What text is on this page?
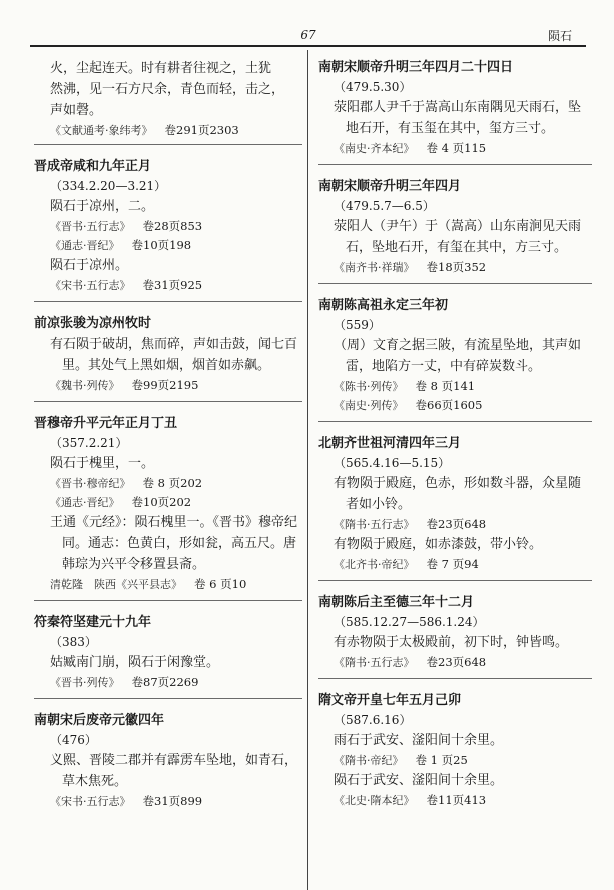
67	陨石
火，尘起连天。时有耕者往视之，土犹
然沸，见一石方尺余，青色而轻，击之，
声如磬。
《文献通考·象纬考》 卷291页2303
晋成帝咸和九年正月
（334.2.20—3.21）
陨石于凉州，二。
《晋书·五行志》 卷28页853
《通志·晋纪》 卷10页198
陨石于凉州。
《宋书·五行志》 卷31页925
前凉张骏为凉州牧时
有石陨于破胡，焦而碎，声如击鼓，闻七百里。其处气上黑如烟，烟首如赤飙。
《魏书·列传》 卷99页2195
晋穆帝升平元年正月丁丑
（357.2.21）
陨石于槐里，一。
《晋书·穆帝纪》 卷 8 页202
《通志·晋纪》 卷10页202
王通《元经》：陨石槐里一。《晋书》穆帝纪同。通志：色黄白，形如瓮，高五尺。唐韩琮为兴平令移置县斋。
清乾隆　陕西《兴平县志》 卷 6 页10
符秦符坚建元十九年
（383）
姑臧南门崩，陨石于闲豫堂。
《晋书·列传》 卷87页2269
南朝宋后废帝元徽四年
（476）
义熙、晋陵二郡并有霹雳车坠地，如青石，草木焦死。
《宋书·五行志》 卷31页899
南朝宋顺帝升明三年四月二十四日
（479.5.30）
荥阳郡人尹千于嵩高山东南隅见天雨石，坠地石开，有玉玺在其中，玺方三寸。
《南史·齐本纪》 卷 4 页115
南朝宋顺帝升明三年四月
（479.5.7—6.5）
荥阳人（尹午）于（嵩高）山东南涧见天雨石，坠地石开，有玺在其中，方三寸。
《南齐书·祥瑞》 卷18页352
南朝陈高祖永定三年初
（559）
（周）文育之据三陂，有流星坠地，其声如雷，地陷方一丈，中有碎炭数斗。
《陈书·列传》 卷 8 页141
《南史·列传》 卷66页1605
北朝齐世祖河清四年三月
（565.4.16—5.15）
有物陨于殿庭，色赤，形如数斗器，众星随者如小铃。
《隋书·五行志》 卷23页648
有物陨于殿庭，如赤漆鼓，带小铃。
《北齐书·帝纪》 卷 7 页94
南朝陈后主至德三年十二月
（585.12.27—586.1.24）
有赤物陨于太极殿前，初下时，钟皆鸣。
《隋书·五行志》 卷23页648
隋文帝开皇七年五月己卯
（587.6.16）
雨石于武安、滏阳间十余里。
《隋书·帝纪》 卷 1 页25
陨石于武安、滏阳间十余里。
《北史·隋本纪》 卷11页413
